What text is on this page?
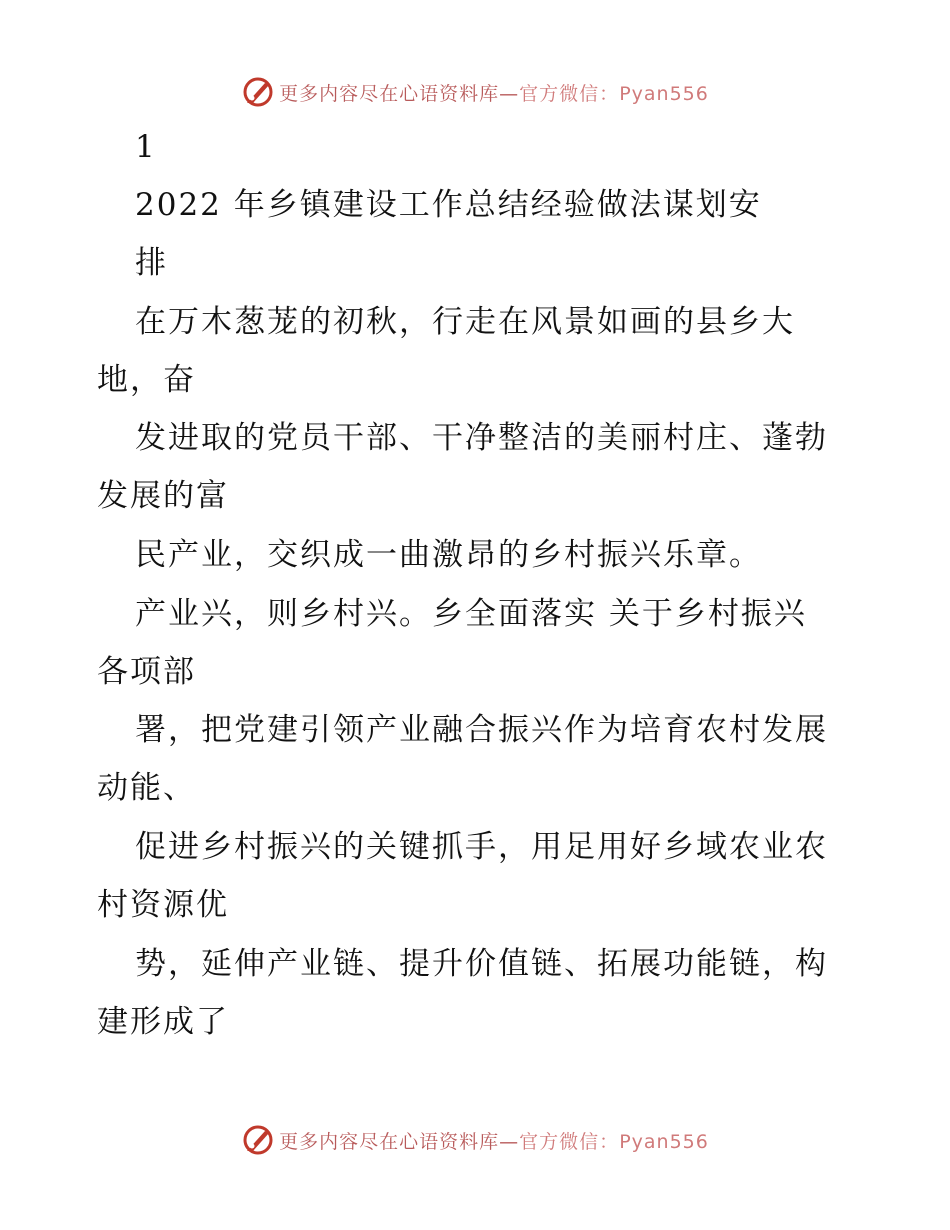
更多内容尽在心语资料库—官方微信：Pyan556
1
2022 年乡镇建设工作总结经验做法谋划安
排
在万木葱茏的初秋，行走在风景如画的县乡大
地，奋
发进取的党员干部、干净整洁的美丽村庄、蓬勃
发展的富
民产业，交织成一曲激昂的乡村振兴乐章。
产业兴，则乡村兴。乡全面落实 关于乡村振兴
各项部
署，把党建引领产业融合振兴作为培育农村发展
动能、
促进乡村振兴的关键抓手，用足用好乡域农业农
村资源优
势，延伸产业链、提升价值链、拓展功能链，构
建形成了
更多内容尽在心语资料库—官方微信：Pyan556
